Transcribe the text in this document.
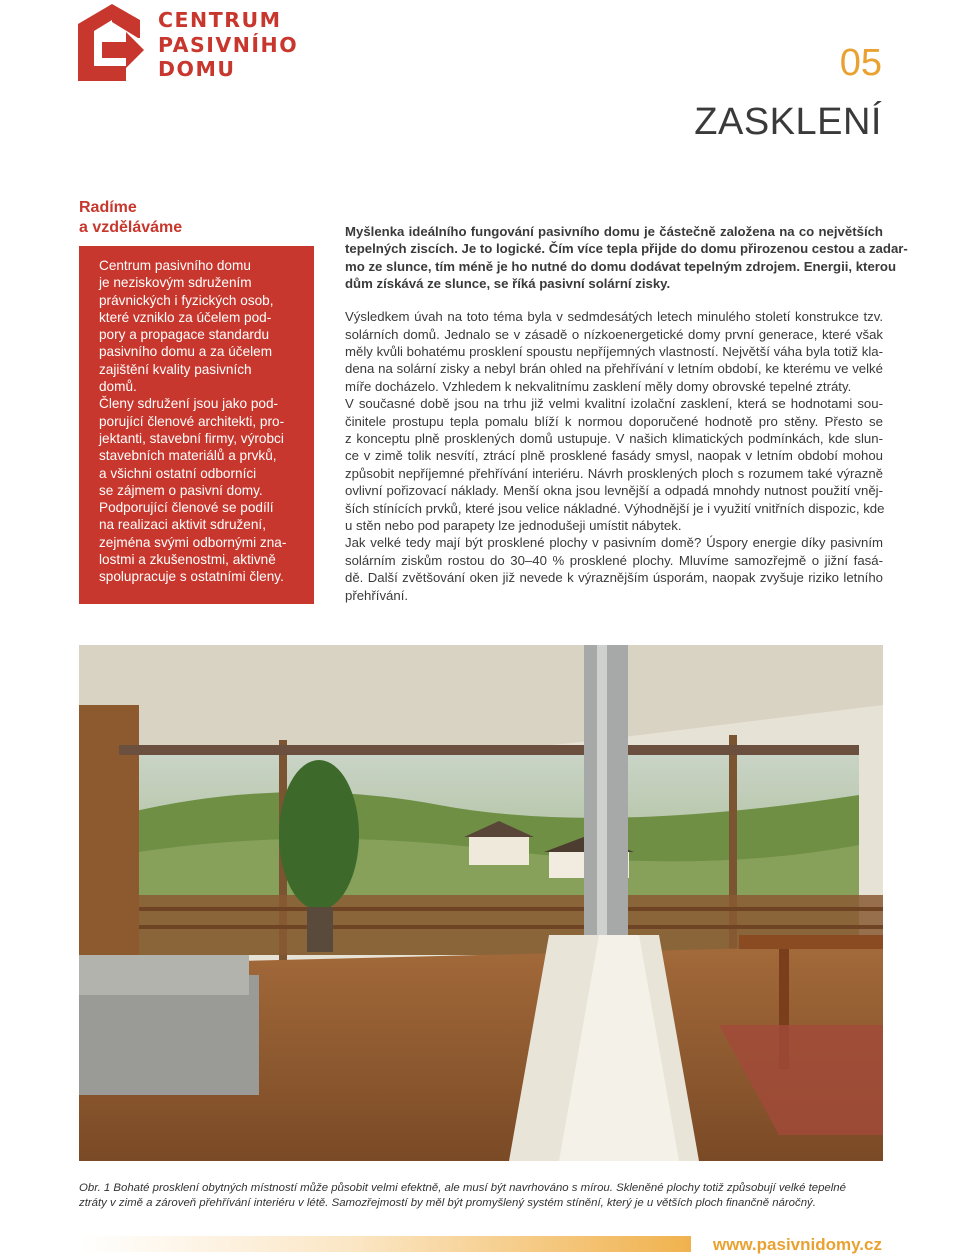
CENTRUM
PASIVNÍHO
DOMU	05
ZASKLENÍ
Radíme
a vzděláváme
Centrum pasivního domu
je neziskovým sdružením
právnických i fyzických osob,
které vzniklo za účelem pod-
pory a propagace standardu
pasivního domu a za účelem
zajištění kvality pasivních
domů.
Členy sdružení jsou jako pod-
porující členové architekti, pro-
jektanti, stavební firmy, výrobci
stavebních materiálů a prvků,
a všichni ostatní odborníci
se zájmem o pasivní domy.
Podporující členové se podílí
na realizaci aktivit sdružení,
zejména svými odbornými zna-
lostmi a zkušenostmi, aktivně
spolupracuje s ostatními členy.
Myšlenka ideálního fungování pasivního domu je částečně založena na co největších
tepelných ziscích. Je to logické. Čím více tepla přijde do domu přirozenou cestou a zadar-
mo ze slunce, tím méně je ho nutné do domu dodávat tepelným zdrojem. Energii, kterou
dům získává ze slunce, se říká pasivní solární zisky.
Výsledkem úvah na toto téma byla v sedmdesátých letech minulého století konstrukce tzv.
solárních domů. Jednalo se v zásadě o nízkoenergetické domy první generace, které však
měly kvůli bohatému prosklení spoustu nepříjemných vlastností. Největší váha byla totiž kla-
dena na solární zisky a nebyl brán ohled na přehřívání v letním období, ke kterému ve velké
míře docházelo. Vzhledem k nekvalitnímu zasklení měly domy obrovské tepelné ztráty.
V současné době jsou na trhu již velmi kvalitní izolační zasklení, která se hodnotami sou-
činitele prostupu tepla pomalu blíží k normou doporučené hodnotě pro stěny. Přesto se
z konceptu plně prosklených domů ustupuje. V našich klimatických podmínkách, kde slun-
ce v zimě tolik nesvítí, ztrácí plně prosklené fasády smysl, naopak v letním období mohou
způsobit nepříjemné přehřívání interiéru. Návrh prosklených ploch s rozumem také výrazně
ovlivní pořizovací náklady. Menší okna jsou levnější a odpadá mnohdy nutnost použití vněj-
ších stínících prvků, které jsou velice nákladné. Výhodnější je i využití vnitřních dispozic, kde
u stěn nebo pod parapety lze jednodušeji umístit nábytek.
Jak velké tedy mají být prosklené plochy v pasivním domě? Úspory energie díky pasivním
solárním ziskům rostou do 30–40 % prosklené plochy. Mluvíme samozřejmě o jižní fasá-
dě. Další zvětšování oken již nevede k výraznějším úsporám, naopak zvyšuje riziko letního
přehřívání.
Obr. 1 Bohaté prosklení obytných místností může působit velmi efektně, ale musí být navrhováno s mírou. Skleněné plochy totiž způsobují velké tepelné
ztráty v zimě a zároveň přehřívání interiéru v létě. Samozřejmostí by měl být promyšlený systém stínění, který je u větších ploch finančně náročný.
www.pasivnidomy.cz
